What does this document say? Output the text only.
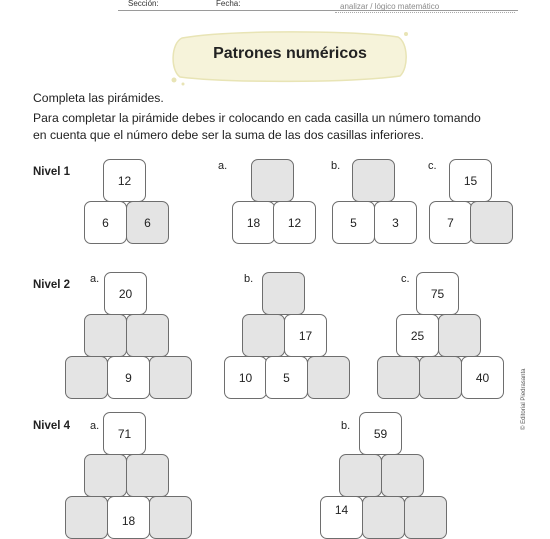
Sección:	Fecha:	analizar / lógico matemático
Patrones numéricos
Completa las pirámides.
Para completar la pirámide debes ir colocando en cada casilla un número tomando
en cuenta que el número debe ser la suma de las dos casillas inferiores.
Nivel 1
Nivel 2
Nivel 4
a.	b.	c.
12
6	6	18	12	5	3
15
7
a.	b.	c.
20
9
17
10	5
75
25
40
a.	b.
71
18
59
14
© Editorial Piedrasanta
